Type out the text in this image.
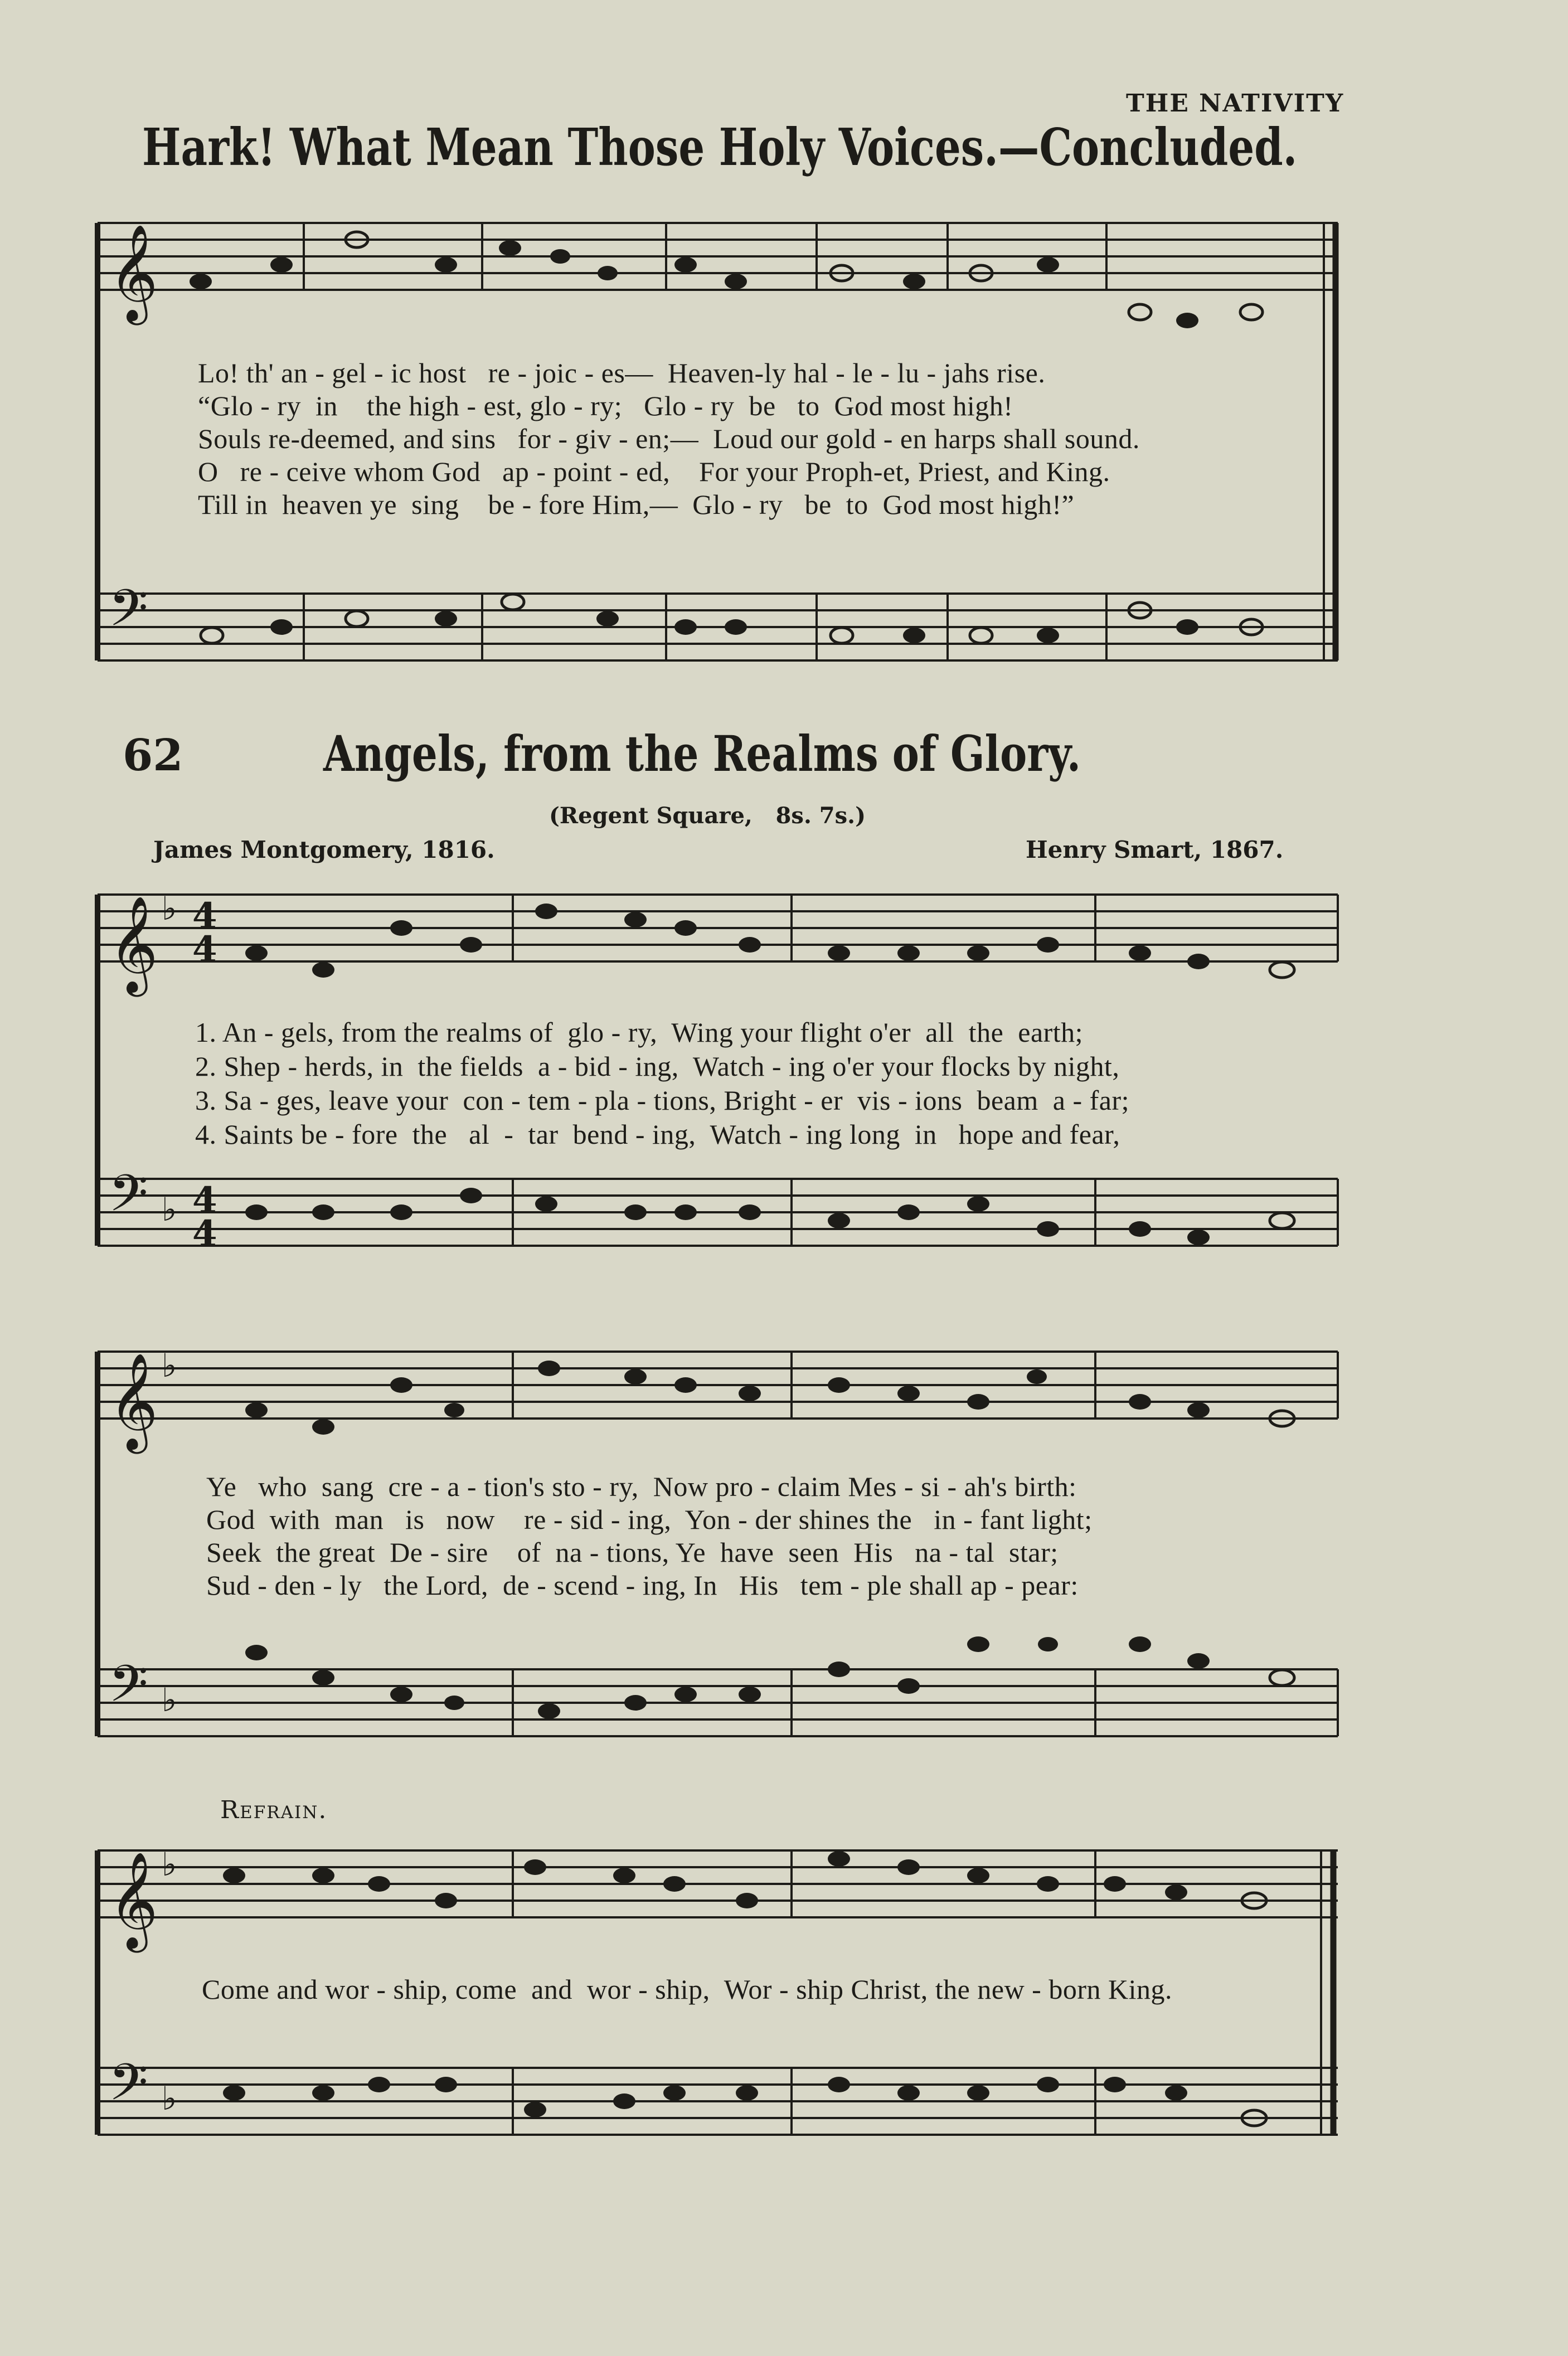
THE NATIVITY
Hark! What Mean Those Holy Voices.—Concluded.
𝄞
𝄢
Lo! th' an - gel - ic host   re - joic - es—  Heaven-ly hal - le - lu - jahs rise.
“Glo - ry  in    the high - est, glo - ry;   Glo - ry  be   to  God most high!
Souls re-deemed, and sins   for - giv - en;—  Loud our gold - en harps shall sound.
O   re - ceive whom God   ap - point - ed,    For your Proph-et, Priest, and King.
Till in  heaven ye  sing    be - fore Him,—  Glo - ry   be  to  God most high!”
62	Angels, from the Realms of Glory.
(Regent Square,   8s. 7s.)
James Montgomery, 1816.	Henry Smart, 1867.
𝄞
𝄞
𝄞
𝄢
𝄢
𝄢
♭
♭
♭
♭
♭
♭
4
4
4
4
1. An - gels, from the realms of  glo - ry,  Wing your flight o'er  all  the  earth;
2. Shep - herds, in  the fields  a - bid - ing,  Watch - ing o'er your flocks by night,
3. Sa - ges, leave your  con - tem - pla - tions, Bright - er  vis - ions  beam  a - far;
4. Saints be - fore  the   al  -  tar  bend - ing,  Watch - ing long  in   hope and fear,
Ye   who  sang  cre - a - tion's sto - ry,  Now pro - claim Mes - si - ah's birth:
God  with  man   is   now    re - sid - ing,  Yon - der shines the   in - fant light;
Seek  the great  De - sire    of  na - tions, Ye  have  seen  His   na - tal  star;
Sud - den - ly   the Lord,  de - scend - ing, In   His   tem - ple shall ap - pear:
Refrain.
Come and wor - ship, come  and  wor - ship,  Wor - ship Christ, the new - born King.
